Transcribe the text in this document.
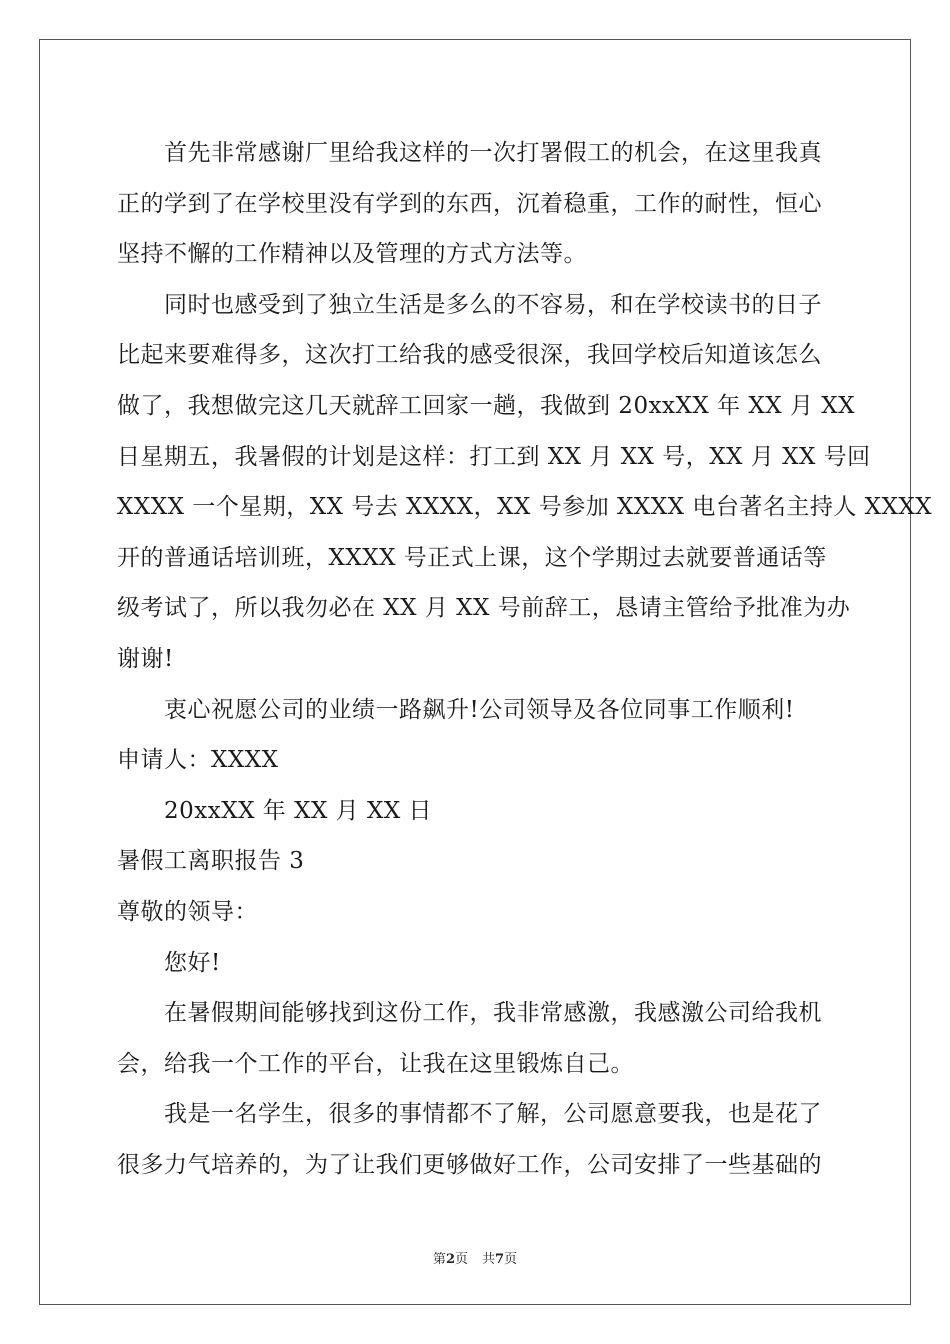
首先非常感谢厂里给我这样的一次打署假工的机会，在这里我真
正的学到了在学校里没有学到的东西，沉着稳重，工作的耐性，恒心
坚持不懈的工作精神以及管理的方式方法等。
同时也感受到了独立生活是多么的不容易，和在学校读书的日子
比起来要难得多，这次打工给我的感受很深，我回学校后知道该怎么
做了，我想做完这几天就辞工回家一趟，我做到 20xxXX 年 XX 月 XX
日星期五，我暑假的计划是这样：打工到 XX 月 XX 号，XX 月 XX 号回
XXXX 一个星期，XX 号去 XXXX，XX 号参加 XXXX 电台著名主持人 XXXX
开的普通话培训班，XXXX 号正式上课，这个学期过去就要普通话等
级考试了，所以我勿必在 XX 月 XX 号前辞工，恳请主管给予批准为办
谢谢!
衷心祝愿公司的业绩一路飙升!公司领导及各位同事工作顺利!
申请人：XXXX
20xxXX 年 XX 月 XX 日
暑假工离职报告 3
尊敬的领导：
您好!
在暑假期间能够找到这份工作，我非常感激，我感激公司给我机
会，给我一个工作的平台，让我在这里锻炼自己。
我是一名学生，很多的事情都不了解，公司愿意要我，也是花了
很多力气培养的，为了让我们更够做好工作，公司安排了一些基础的
第2页 共7页
